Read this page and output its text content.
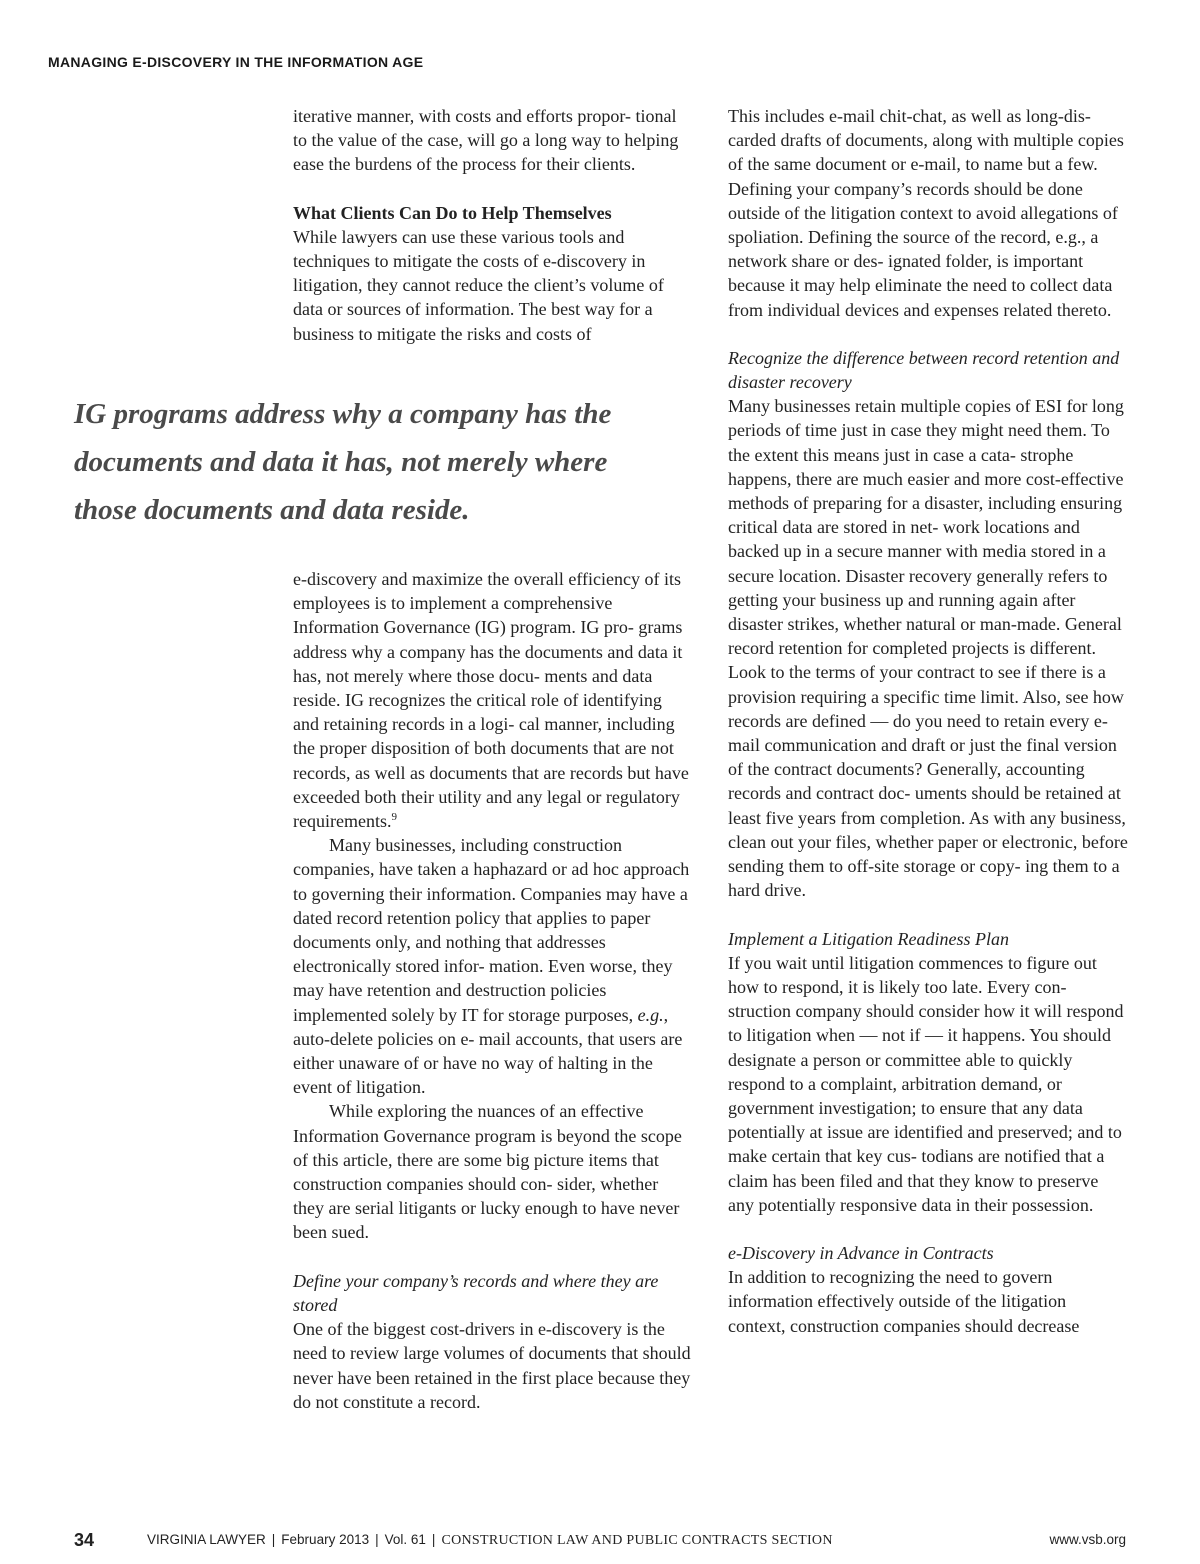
MANAGING E-DISCOVERY IN THE INFORMATION AGE

iterative manner, with costs and efforts propor- tional to the value of the case, will go a long way to helping ease the burdens of the process for their clients.

What Clients Can Do to Help Themselves

While lawyers can use these various tools and techniques to mitigate the costs of e-discovery in litigation, they cannot reduce the client’s volume of data or sources of information. The best way for a business to mitigate the risks and costs of

IG programs address why a company has the

documents and data it has, not merely where

those documents and data reside.

e-discovery and maximize the overall efficiency of its employees is to implement a comprehensive Information Governance (IG) program. IG pro- grams address why a company has the documents and data it has, not merely where those docu- ments and data reside. IG recognizes the critical role of identifying and retaining records in a logi- cal manner, including the proper disposition of both documents that are not records, as well as documents that are records but have exceeded both their utility and any legal or regulatory requirements.$^9$

Many businesses, including construction companies, have taken a haphazard or ad hoc approach to governing their information. Companies may have a dated record retention policy that applies to paper documents only, and nothing that addresses electronically stored infor- mation. Even worse, they may have retention and destruction policies implemented solely by IT for storage purposes, e.g., auto-delete policies on e- mail accounts, that users are either unaware of or have no way of halting in the event of litigation.

While exploring the nuances of an effective Information Governance program is beyond the scope of this article, there are some big picture items that construction companies should con- sider, whether they are serial litigants or lucky enough to have never been sued.

Define your company’s records and where they are stored

One of the biggest cost-drivers in e-discovery is the need to review large volumes of documents that should never have been retained in the first place because they do not constitute a record.

This includes e-mail chit-chat, as well as long-dis- carded drafts of documents, along with multiple copies of the same document or e-mail, to name but a few. Defining your company’s records should be done outside of the litigation context to avoid allegations of spoliation. Defining the source of the record, e.g., a network share or des- ignated folder, is important because it may help eliminate the need to collect data from individual devices and expenses related thereto.

Recognize the difference between record retention and disaster recovery

Many businesses retain multiple copies of ESI for long periods of time just in case they might need them. To the extent this means just in case a cata- strophe happens, there are much easier and more cost-effective methods of preparing for a disaster, including ensuring critical data are stored in net- work locations and backed up in a secure manner with media stored in a secure location. Disaster recovery generally refers to getting your business up and running again after disaster strikes, whether natural or man-made. General record retention for completed projects is different. Look to the terms of your contract to see if there is a provision requiring a specific time limit. Also, see how records are defined — do you need to retain every e-mail communication and draft or just the final version of the contract documents? Generally, accounting records and contract doc- uments should be retained at least five years from completion. As with any business, clean out your files, whether paper or electronic, before sending them to off-site storage or copy- ing them to a hard drive.

Implement a Litigation Readiness Plan

If you wait until litigation commences to figure out how to respond, it is likely too late. Every con- struction company should consider how it will respond to litigation when — not if — it happens. You should designate a person or committee able to quickly respond to a complaint, arbitration demand, or government investigation; to ensure that any data potentially at issue are identified and preserved; and to make certain that key cus- todians are notified that a claim has been filed and that they know to preserve any potentially responsive data in their possession.

e-Discovery in Advance in Contracts

In addition to recognizing the need to govern information effectively outside of the litigation context, construction companies should decrease

34	VIRGINIA LAWYER | February 2013 | Vol. 61 | CONSTRUCTION LAW AND PUBLIC CONTRACTS SECTION	www.vsb.org
